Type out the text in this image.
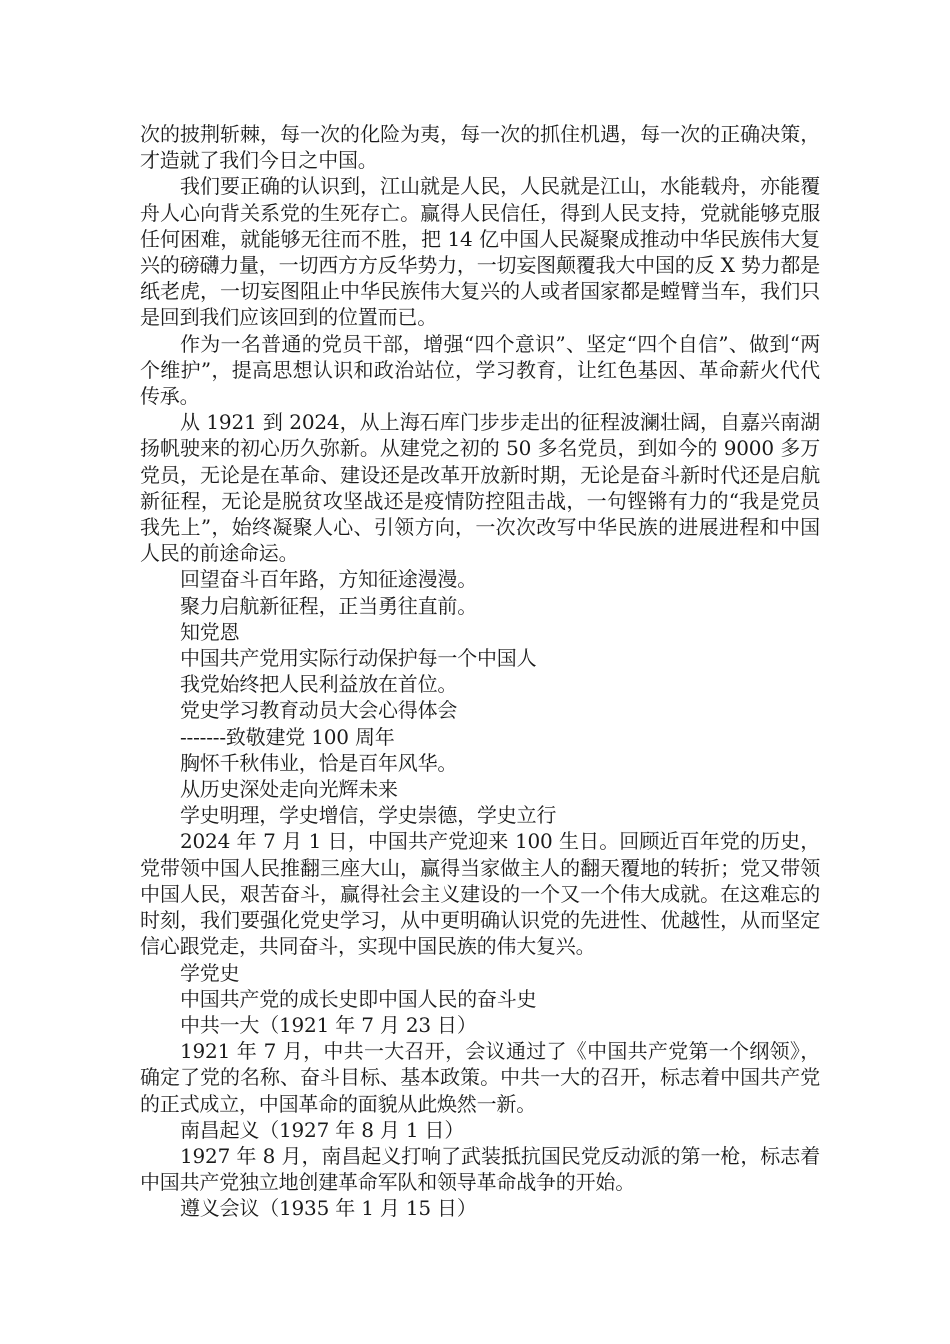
次的披荆斩棘，每一次的化险为夷，每一次的抓住机遇，每一次的正确决策，才造就了我们今日之中国。

我们要正确的认识到，江山就是人民，人民就是江山，水能载舟，亦能覆舟人心向背关系党的生死存亡。赢得人民信任，得到人民支持，党就能够克服任何困难，就能够无往而不胜，把 14 亿中国人民凝聚成推动中华民族伟大复兴的磅礴力量，一切西方方反华势力，一切妄图颠覆我大中国的反 X 势力都是纸老虎，一切妄图阻止中华民族伟大复兴的人或者国家都是螳臂当车，我们只是回到我们应该回到的位置而已。

作为一名普通的党员干部，增强“四个意识”、坚定“四个自信”、做到“两个维护”，提高思想认识和政治站位，学习教育，让红色基因、革命薪火代代传承。

从 1921 到 2024，从上海石库门步步走出的征程波澜壮阔，自嘉兴南湖扬帆驶来的初心历久弥新。从建党之初的 50 多名党员，到如今的 9000 多万党员，无论是在革命、建设还是改革开放新时期，无论是奋斗新时代还是启航新征程，无论是脱贫攻坚战还是疫情防控阻击战，一句铿锵有力的“我是党员我先上”，始终凝聚人心、引领方向，一次次改写中华民族的进展进程和中国人民的前途命运。

回望奋斗百年路，方知征途漫漫。

聚力启航新征程，正当勇往直前。

知党恩

中国共产党用实际行动保护每一个中国人

我党始终把人民利益放在首位。

党史学习教育动员大会心得体会

-------致敬建党 100 周年

胸怀千秋伟业，恰是百年风华。

从历史深处走向光辉未来

学史明理，学史增信，学史崇德，学史立行

2024 年 7 月 1 日，中国共产党迎来 100 生日。回顾近百年党的历史，党带领中国人民推翻三座大山，赢得当家做主人的翻天覆地的转折；党又带领中国人民，艰苦奋斗，赢得社会主义建设的一个又一个伟大成就。在这难忘的时刻，我们要强化党史学习，从中更明确认识党的先进性、优越性，从而坚定信心跟党走，共同奋斗，实现中国民族的伟大复兴。

学党史

中国共产党的成长史即中国人民的奋斗史

中共一大（1921 年 7 月 23 日）

1921 年 7 月，中共一大召开，会议通过了《中国共产党第一个纲领》，确定了党的名称、奋斗目标、基本政策。中共一大的召开，标志着中国共产党的正式成立，中国革命的面貌从此焕然一新。

南昌起义（1927 年 8 月 1 日）

1927 年 8 月，南昌起义打响了武装抵抗国民党反动派的第一枪，标志着中国共产党独立地创建革命军队和领导革命战争的开始。

遵义会议（1935 年 1 月 15 日）
